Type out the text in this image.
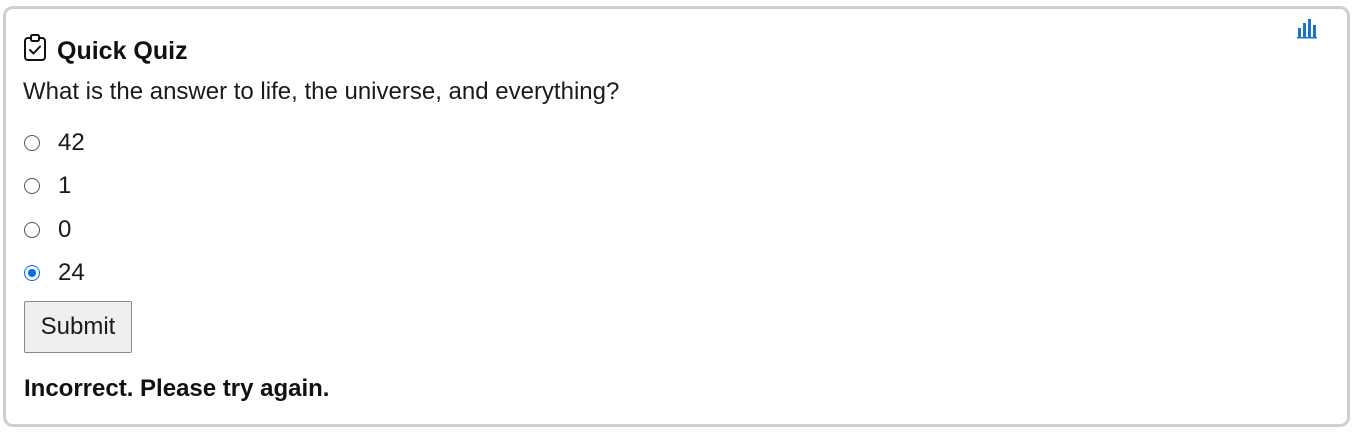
Quick Quiz
What is the answer to life, the universe, and everything?
42
1
0
24
Submit
Incorrect. Please try again.
